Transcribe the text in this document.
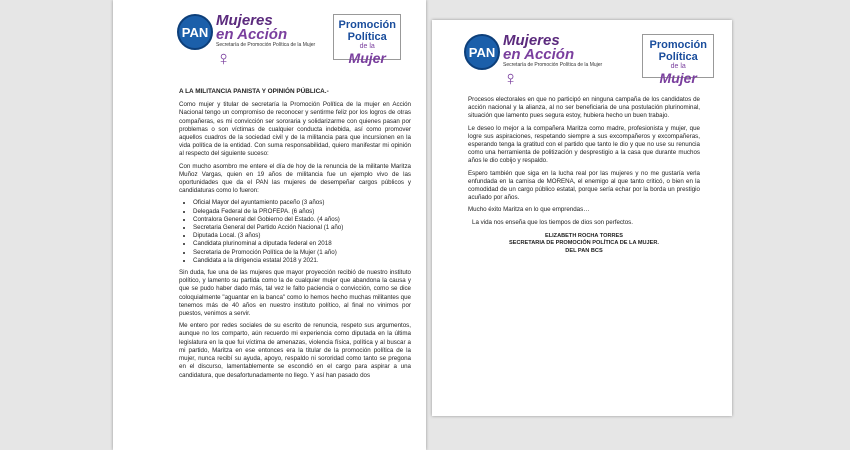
PAN
Mujeres
en Acción
Secretaría de Promoción Política de la Mujer
♀
Promoción Política
de la
Mujer

A LA MILITANCIA PANISTA Y OPINIÓN PÚBLICA.-

Como mujer y titular de secretaría la Promoción Política de la mujer en Acción Nacional tengo un compromiso de reconocer y sentirme feliz por los logros de otras compañeras, es mi convicción ser sororaria y solidarizarme con quienes pasan por problemas o son víctimas de cualquier conducta indebida, así como promover aquellos cuadros de la sociedad civil y de la militancia para que incursionen en la vida política de la entidad. Con suma responsabilidad, quiero manifestar mi opinión al respecto del siguiente suceso:

Con mucho asombro me entere el día de hoy de la renuncia de la militante Maritza Muñoz Vargas, quien en 19 años de militancia fue un ejemplo vivo de las oportunidades que da el PAN las mujeres de desempeñar cargos públicos y candidaturas como lo fueron:

• Oficial Mayor del ayuntamiento paceño (3 años)
• Delegada Federal de la PROFEPA. (6 años)
• Contralora General del Gobierno del Estado. (4 años)
• Secretaria General del Partido Acción Nacional (1 año)
• Diputada Local. (3 años)
• Candidata plurinominal a diputada federal en 2018
• Secretaria de Promoción Política de la Mujer (1 año)
• Candidata a la dirigencia estatal 2018 y 2021.

Sin duda, fue una de las mujeres que mayor proyección recibió de nuestro instituto político, y lamento su partida como la de cualquier mujer que abandona la causa y que se pudo haber dado más, tal vez le falto paciencia o convicción, como se dice coloquialmente "aguantar en la banca" como lo hemos hecho muchas militantes que tenemos más de 40 años en nuestro instituto político, al final no vinimos por puestos, venimos a servir.

Me entero por redes sociales de su escrito de renuncia, respeto sus argumentos, aunque no los comparto, aún recuerdo mi experiencia como diputada en la última legislatura en la que fui víctima de amenazas, violencia física, política y al buscar a mi partido, Maritza en ese entonces era la titular de la promoción política de la mujer, nunca recibí su ayuda, apoyo, respaldo ni sororidad como tanto se pregona en el discurso, lamentablemente se escondió en el cargo para aspirar a una candidatura, que desafortunadamente no llego. Y así han pasado dos

PAN
Mujeres
en Acción
Secretaría de Promoción Política de la Mujer
♀
Promoción Política
de la
Mujer

Procesos electorales en que no participó en ninguna campaña de los candidatos de acción nacional y la alianza, al no ser beneficiaria de una postulación plurinominal, situación que lamento pues segura estoy, hubiera hecho un buen trabajo.

Le deseo lo mejor a la compañera Maritza como madre, profesionista y mujer, que logre sus aspiraciones, respetando siempre a sus excompañeros y excompañeras, esperando tenga la gratitud con el partido que tanto le dio y que no use su renuncia como una herramienta de politización y desprestigio a la casa que durante muchos años le dio cobijo y respaldo.

Espero también que siga en la lucha real por las mujeres y no me gustaría verla enfundada en la camisa de MORENA, el enemigo al que tanto criticó, o bien en la comodidad de un cargo público estatal, porque sería echar por la borda un prestigio acuñado por años.

Mucho éxito Maritza en lo que emprendas…

La vida nos enseña que los tiempos de dios son perfectos.

ELIZABETH ROCHA TORRES
SECRETARIA DE PROMOCIÓN POLÍTICA DE LA MUJER.
DEL PAN BCS
